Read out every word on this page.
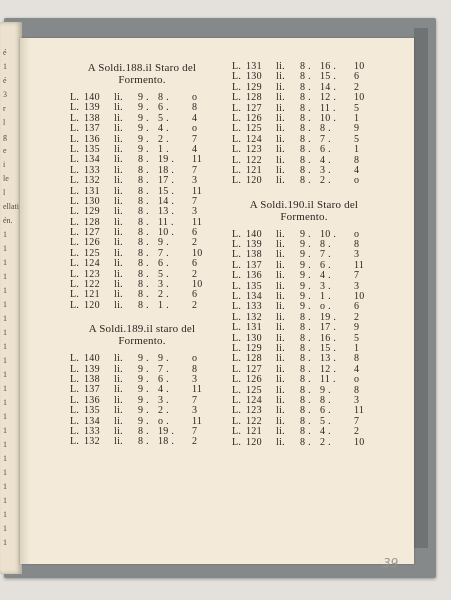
é
1
é
3
r
l
g
e
i
le
l
ellati
én.
1
1
1
1
1
1
1
1
1
1
1
1
1
1
1
1
1
1
1
1
1
1
1
A Soldi.188.il Staro del
Formento.
L. 140	li.	9 . 8 .	o
L. 139	li.	9 . 6 .	8
L. 138	li.	9 . 5 .	4
L. 137	li.	9 . 4 .	o
L. 136	li.	9 . 2 .	7
L. 135	li.	9 . 1 .	4
L. 134	li.	8 . 19 .	11
L. 133	li.	8 . 18 .	7
L. 132	li.	8 . 17 .	3
L. 131	li.	8 . 15 .	11
L. 130	li.	8 . 14 .	7
L. 129	li.	8 . 13 .	3
L. 128	li.	8 . 11 .	11
L. 127	li.	8 . 10 .	6
L. 126	li.	8 . 9 .	2
L. 125	li.	8 . 7 .	10
L. 124	li.	8 . 6 .	6
L. 123	li.	8 . 5 .	2
L. 122	li.	8 . 3 .	10
L. 121	li.	8 . 2 .	6
L. 120	li.	8 . 1 .	2
A Soldi.189.il staro del
Formento.
L. 140	li.	9 . 9 .	o
L. 139	li.	9 . 7 .	8
L. 138	li.	9 . 6 .	3
L. 137	li.	9 . 4 .	11
L. 136	li.	9 . 3 .	7
L. 135	li.	9 . 2 .	3
L. 134	li.	9 . o .	11
L. 133	li.	8 . 19 .	7
L. 132	li.	8 . 18 .	2
L. 131	li.	8 . 16 .	10
L. 130	li.	8 . 15 .	6
L. 129	li.	8 . 14 .	2
L. 128	li.	8 . 12 .	10
L. 127	li.	8 . 11 .	5
L. 126	li.	8 . 10 .	1
L. 125	li.	8 . 8 .	9
L. 124	li.	8 . 7 .	5
L. 123	li.	8 . 6 .	1
L. 122	li.	8 . 4 .	8
L. 121	li.	8 . 3 .	4
L. 120	li.	8 . 2 .	o
A Soldi.190.il Staro del
Formento.
L. 140	li.	9 . 10 .	o
L. 139	li.	9 . 8 .	8
L. 138	li.	9 . 7 .	3
L. 137	li.	9 . 6 .	11
L. 136	li.	9 . 4 .	7
L. 135	li.	9 . 3 .	3
L. 134	li.	9 . 1 .	10
L. 133	li.	9 . o .	6
L. 132	li.	8 . 19 .	2
L. 131	li.	8 . 17 .	9
L. 130	li.	8 . 16 .	5
L. 129	li.	8 . 15 .	1
L. 128	li.	8 . 13 .	8
L. 127	li.	8 . 12 .	4
L. 126	li.	8 . 11 .	o
L. 125	li.	8 . 9 .	8
L. 124	li.	8 . 8 .	3
L. 123	li.	8 . 6 .	11
L. 122	li.	8 . 5 .	7
L. 121	li.	8 . 4 .	2
L. 120	li.	8 . 2 .	10
39
